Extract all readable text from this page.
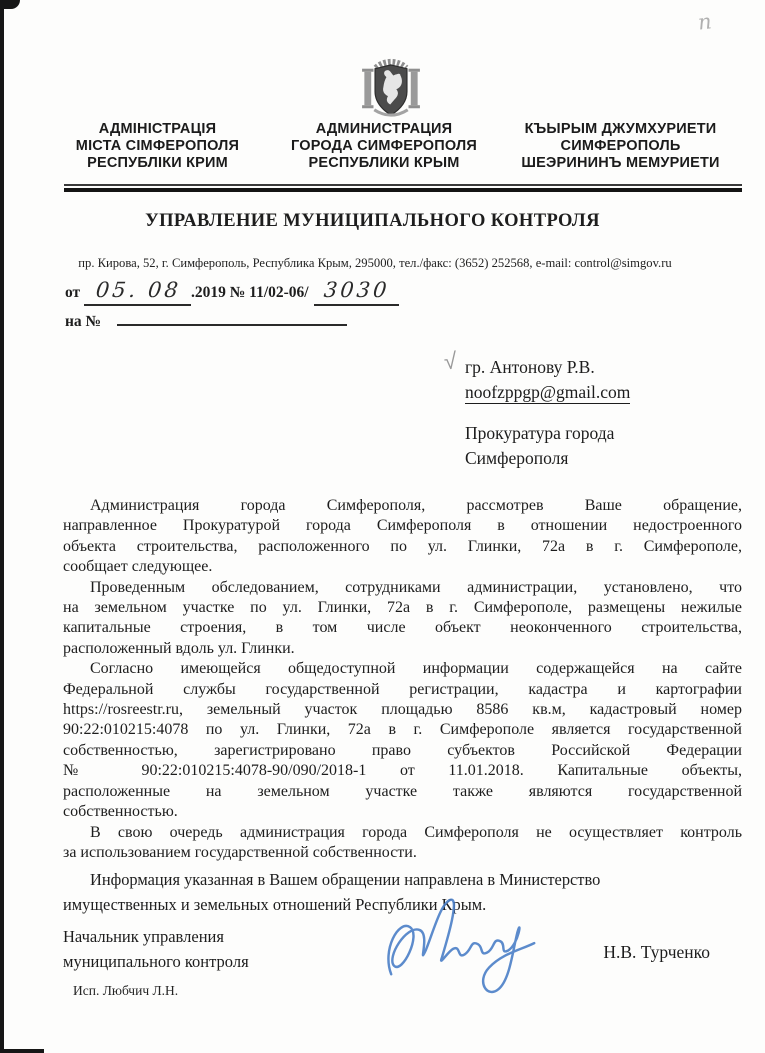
n
АДМІНІСТРАЦІЯ
МІСТА СІМФЕРОПОЛЯ
РЕСПУБЛІКИ КРИМ
АДМИНИСТРАЦИЯ
ГОРОДА СИМФЕРОПОЛЯ
РЕСПУБЛИКИ КРЫМ
КЪЫРЫМ ДЖУМХУРИЕТИ
СИМФЕРОПОЛЬ
ШЕЭРИНИНЪ МЕМУРИЕТИ
УПРАВЛЕНИЕ МУНИЦИПАЛЬНОГО КОНТРОЛЯ
пр. Кирова, 52, г. Симферополь, Республика Крым, 295000, тел./факс: (3652) 252568, e-mail: control@simgov.ru
от 05. 08 .2019 № 11/02-06/ 3030
на №
√ гр. Антонову Р.В.
noofzppgp@gmail.com
Прокуратура города
Симферополя
Администрация города Симферополя, рассмотрев Ваше обращение,
направленное Прокуратурой города Симферополя в отношении недостроенного
объекта строительства, расположенного по ул. Глинки, 72а в г. Симферополе,
сообщает следующее.
Проведенным обследованием, сотрудниками администрации, установлено, что
на земельном участке по ул. Глинки, 72а в г. Симферополе, размещены нежилые
капитальные строения, в том числе объект неоконченного строительства,
расположенный вдоль ул. Глинки.
Согласно имеющейся общедоступной информации содержащейся на сайте
Федеральной службы государственной регистрации, кадастра и картографии
https://rosreestr.ru, земельный участок площадью 8586 кв.м, кадастровый номер
90:22:010215:4078 по ул. Глинки, 72а в г. Симферополе является государственной
собственностью, зарегистрировано право субъектов Российской Федерации
№ 90:22:010215:4078-90/090/2018-1 от 11.01.2018. Капитальные объекты,
расположенные на земельном участке также являются государственной
собственностью.
В свою очередь администрация города Симферополя не осуществляет контроль
за использованием государственной собственности.
Информация указанная в Вашем обращении направлена в Министерство
имущественных и земельных отношений Республики Крым.
Начальник управления
муниципального контроля	Н.В. Турченко
Исп. Любчич Л.Н.
